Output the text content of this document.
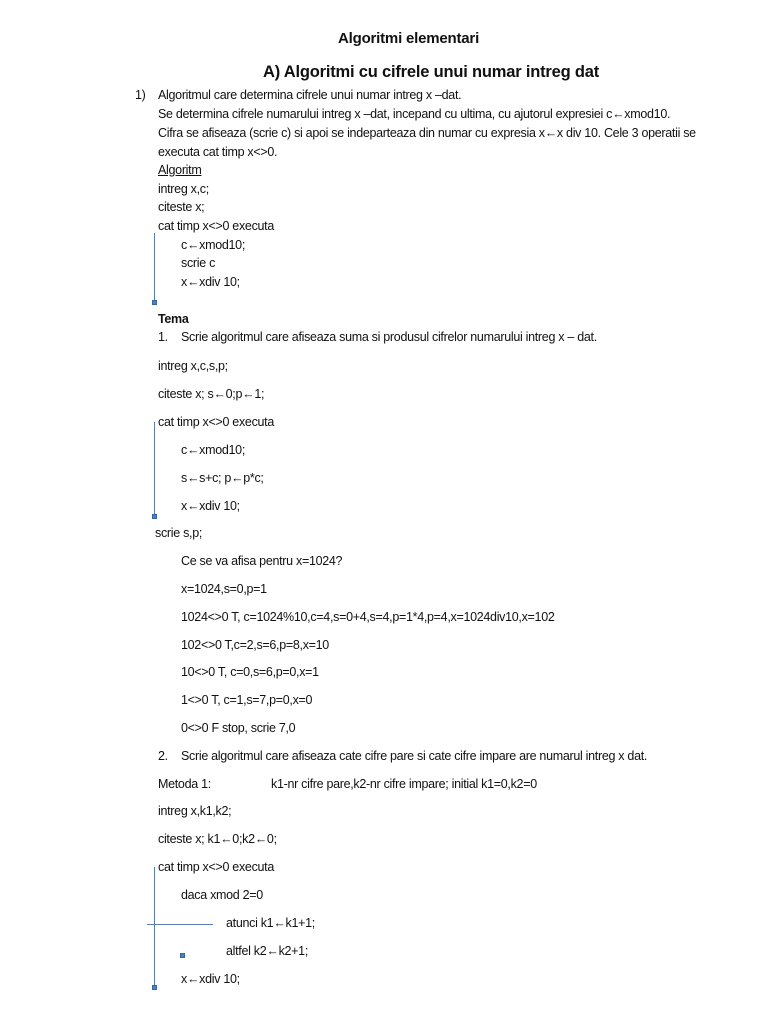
Algoritmi elementari
A) Algoritmi cu cifrele unui numar intreg dat
1) Algoritmul care determina cifrele unui numar intreg x –dat.
Se determina cifrele numarului intreg x –dat, incepand cu ultima, cu ajutorul expresiei c←xmod10.
Cifra se afiseaza (scrie c) si apoi se indeparteaza din numar cu expresia x←x div 10. Cele 3 operatii se
executa cat timp x<>0.
Algoritm
intreg x,c;
citeste x;
cat timp x<>0 executa
c←xmod10;
scrie c
x←xdiv 10;
Tema
1. Scrie algoritmul care afiseaza suma si produsul cifrelor numarului intreg x – dat.
intreg x,c,s,p;
citeste x; s←0;p←1;
cat timp x<>0 executa
c←xmod10;
s←s+c; p←p*c;
x←xdiv 10;
scrie s,p;
Ce se va afisa pentru x=1024?
x=1024,s=0,p=1
1024<>0 T, c=1024%10,c=4,s=0+4,s=4,p=1*4,p=4,x=1024div10,x=102
102<>0 T,c=2,s=6,p=8,x=10
10<>0 T, c=0,s=6,p=0,x=1
1<>0 T, c=1,s=7,p=0,x=0
0<>0 F stop, scrie 7,0
2. Scrie algoritmul care afiseaza cate cifre pare si cate cifre impare are numarul intreg x dat.
Metoda 1:	k1-nr cifre pare,k2-nr cifre impare; initial k1=0,k2=0
intreg x,k1,k2;
citeste x; k1←0;k2←0;
cat timp x<>0 executa
daca xmod 2=0
atunci k1←k1+1;
altfel k2←k2+1;
x←xdiv 10;
